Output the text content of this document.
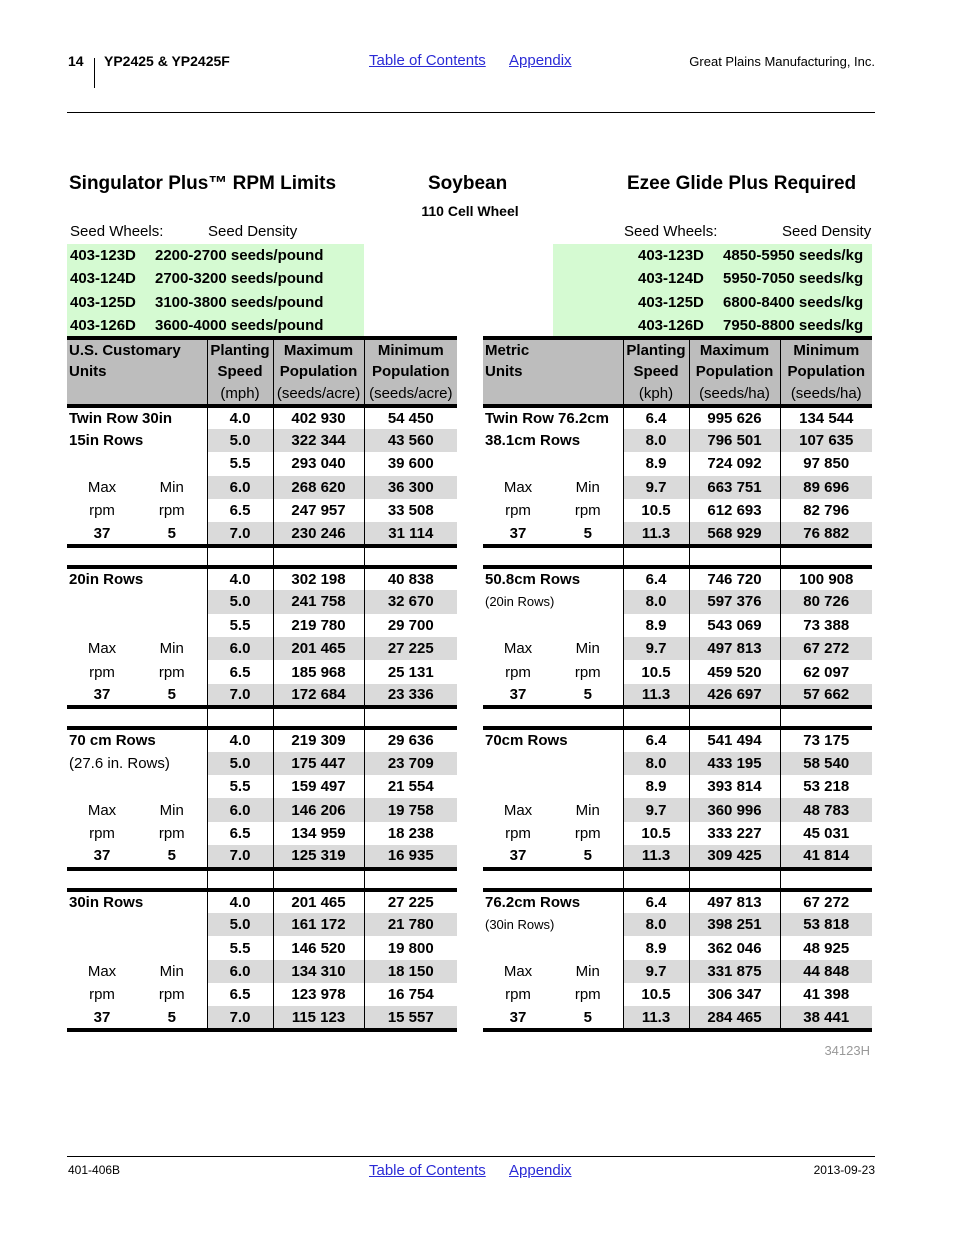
14 YP2425 & YP2425F	Table of Contents Appendix	Great Plains Manufacturing, Inc.
Singulator Plus™ RPM Limits	Soybean	Ezee Glide Plus Required
110 Cell Wheel
Seed Wheels:	Seed Density	Seed Wheels:	Seed Density
403-123D 2200-2700 seeds/pound
403-124D 2700-3200 seeds/pound
403-125D 3100-3800 seeds/pound
403-126D 3600-4000 seeds/pound
403-123D 4850-5950 seeds/kg
403-124D 5950-7050 seeds/kg
403-125D 6800-8400 seeds/kg
403-126D 7950-8800 seeds/kg
U.S. Customary		Planting	Maximum	Minimum
Units		Speed	Population	Population
		(mph)	(seeds/acre)	(seeds/acre)
Twin Row 30in		4.0	402 930	54 450
15in Rows		5.0	322 344	43 560
		5.5	293 040	39 600
Max	Min	6.0	268 620	36 300
rpm	rpm	6.5	247 957	33 508
37	5	7.0	230 246	31 114

20in Rows		4.0	302 198	40 838
		5.0	241 758	32 670
		5.5	219 780	29 700
Max	Min	6.0	201 465	27 225
rpm	rpm	6.5	185 968	25 131
37	5	7.0	172 684	23 336

70 cm Rows		4.0	219 309	29 636
(27.6 in. Rows)		5.0	175 447	23 709
		5.5	159 497	21 554
Max	Min	6.0	146 206	19 758
rpm	rpm	6.5	134 959	18 238
37	5	7.0	125 319	16 935

30in Rows		4.0	201 465	27 225
		5.0	161 172	21 780
		5.5	146 520	19 800
Max	Min	6.0	134 310	18 150
rpm	rpm	6.5	123 978	16 754
37	5	7.0	115 123	15 557
Metric		Planting	Maximum	Minimum
Units		Speed	Population	Population
		(kph)	(seeds/ha)	(seeds/ha)
Twin Row 76.2cm		6.4	995 626	134 544
38.1cm Rows		8.0	796 501	107 635
		8.9	724 092	97 850
Max	Min	9.7	663 751	89 696
rpm	rpm	10.5	612 693	82 796
37	5	11.3	568 929	76 882

50.8cm Rows		6.4	746 720	100 908
(20in Rows)		8.0	597 376	80 726
		8.9	543 069	73 388
Max	Min	9.7	497 813	67 272
rpm	rpm	10.5	459 520	62 097
37	5	11.3	426 697	57 662

70cm Rows		6.4	541 494	73 175
		8.0	433 195	58 540
		8.9	393 814	53 218
Max	Min	9.7	360 996	48 783
rpm	rpm	10.5	333 227	45 031
37	5	11.3	309 425	41 814

76.2cm Rows		6.4	497 813	67 272
(30in Rows)		8.0	398 251	53 818
		8.9	362 046	48 925
Max	Min	9.7	331 875	44 848
rpm	rpm	10.5	306 347	41 398
37	5	11.3	284 465	38 441
34123H
401-406B	Table of Contents Appendix	2013-09-23
